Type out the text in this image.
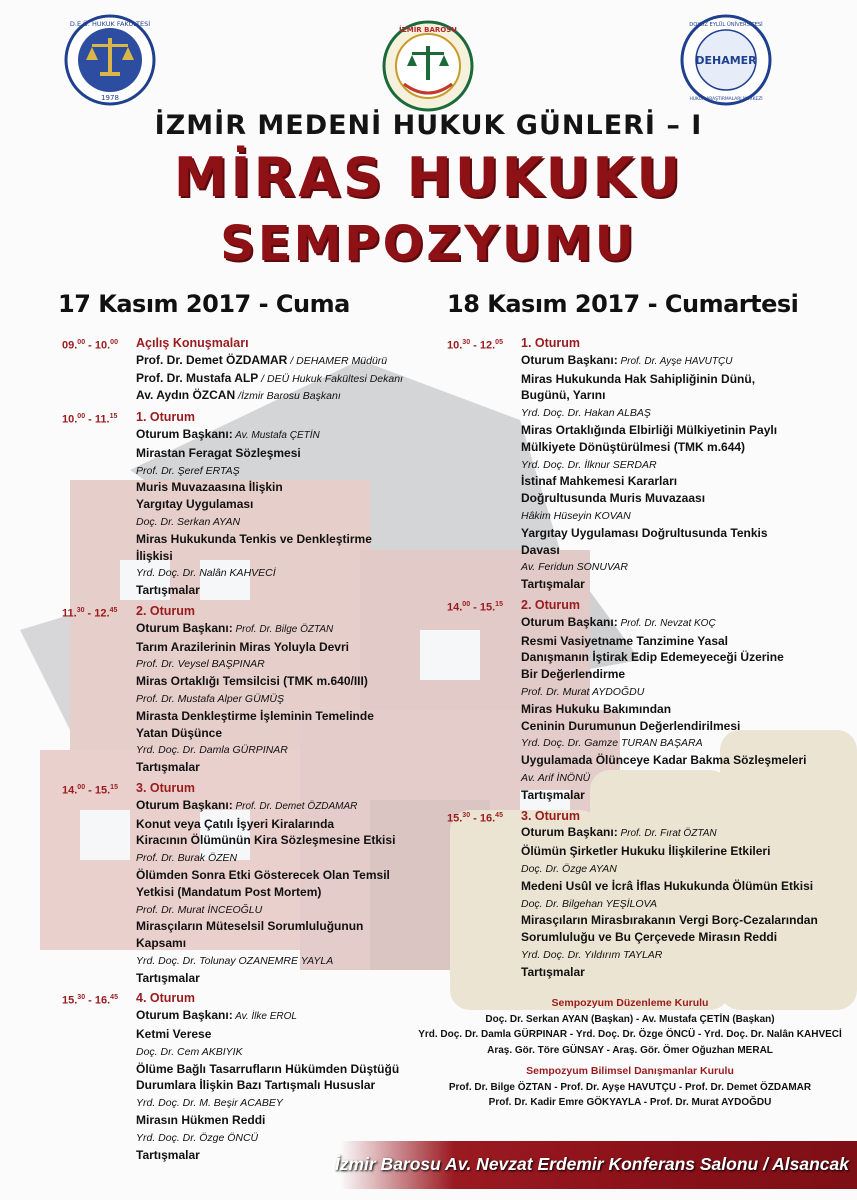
D.E.Ü. HUKUK FAKÜLTESİ
1978
İZMİR BAROSU
DOKUZ EYLÜL ÜNİVERSİTESİ
DEHAMER
HUKUK ARAŞTIRMALARI MERKEZİ
İZMİR MEDENİ HUKUK GÜNLERİ – I
MİRAS HUKUKU
SEMPOZYUMU
17 Kasım 2017 - Cuma	18 Kasım 2017 - Cumartesi
09.00 - 10.00 Açılış Konuşmaları
Prof. Dr. Demet ÖZDAMAR / DEHAMER Müdürü
Prof. Dr. Mustafa ALP / DEÜ Hukuk Fakültesi Dekanı
Av. Aydın ÖZCAN /İzmir Barosu Başkanı
10.00 - 11.15 1. Oturum
Oturum Başkanı: Av. Mustafa ÇETİN
Mirastan Feragat Sözleşmesi
Prof. Dr. Şeref ERTAŞ
Muris Muvazaasına İlişkin
Yargıtay Uygulaması
Doç. Dr. Serkan AYAN
Miras Hukukunda Tenkis ve Denkleştirme
İlişkisi
Yrd. Doç. Dr. Nalân KAHVECİ
Tartışmalar
11.30 - 12.45 2. Oturum
Oturum Başkanı: Prof. Dr. Bilge ÖZTAN
Tarım Arazilerinin Miras Yoluyla Devri
Prof. Dr. Veysel BAŞPINAR
Miras Ortaklığı Temsilcisi (TMK m.640/III)
Prof. Dr. Mustafa Alper GÜMÜŞ
Mirasta Denkleştirme İşleminin Temelinde
Yatan Düşünce
Yrd. Doç. Dr. Damla GÜRPINAR
Tartışmalar
14.00 - 15.15 3. Oturum
Oturum Başkanı: Prof. Dr. Demet ÖZDAMAR
Konut veya Çatılı İşyeri Kiralarında
Kiracının Ölümünün Kira Sözleşmesine Etkisi
Prof. Dr. Burak ÖZEN
Ölümden Sonra Etki Gösterecek Olan Temsil
Yetkisi (Mandatum Post Mortem)
Prof. Dr. Murat İNCEOĞLU
Mirasçıların Müteselsil Sorumluluğunun
Kapsamı
Yrd. Doç. Dr. Tolunay OZANEMRE YAYLA
Tartışmalar
15.30 - 16.45 4. Oturum
Oturum Başkanı: Av. İlke EROL
Ketmi Verese
Doç. Dr. Cem AKBIYIK
Ölüme Bağlı Tasarrufların Hükümden Düştüğü
Durumlara İlişkin Bazı Tartışmalı Hususlar
Yrd. Doç. Dr. M. Beşir ACABEY
Mirasın Hükmen Reddi
Yrd. Doç. Dr. Özge ÖNCÜ
Tartışmalar
10.30 - 12.05 1. Oturum
Oturum Başkanı: Prof. Dr. Ayşe HAVUTÇU
Miras Hukukunda Hak Sahipliğinin Dünü,
Bugünü, Yarını
Yrd. Doç. Dr. Hakan ALBAŞ
Miras Ortaklığında Elbirliği Mülkiyetinin Paylı
Mülkiyete Dönüştürülmesi (TMK m.644)
Yrd. Doç. Dr. İlknur SERDAR
İstinaf Mahkemesi Kararları
Doğrultusunda Muris Muvazaası
Hâkim Hüseyin KOVAN
Yargıtay Uygulaması Doğrultusunda Tenkis
Davası
Av. Feridun SONUVAR
Tartışmalar
14.00 - 15.15 2. Oturum
Oturum Başkanı: Prof. Dr. Nevzat KOÇ
Resmi Vasiyetname Tanzimine Yasal
Danışmanın İştirak Edip Edemeyeceği Üzerine
Bir Değerlendirme
Prof. Dr. Murat AYDOĞDU
Miras Hukuku Bakımından
Ceninin Durumunun Değerlendirilmesi
Yrd. Doç. Dr. Gamze TURAN BAŞARA
Uygulamada Ölünceye Kadar Bakma Sözleşmeleri
Av. Arif İNÖNÜ
Tartışmalar
15.30 - 16.45 3. Oturum
Oturum Başkanı: Prof. Dr. Fırat ÖZTAN
Ölümün Şirketler Hukuku İlişkilerine Etkileri
Doç. Dr. Özge AYAN
Medeni Usûl ve İcrâ İflas Hukukunda Ölümün Etkisi
Doç. Dr. Bilgehan YEŞİLOVA
Mirasçıların Mirasbırakanın Vergi Borç-Cezalarından
Sorumluluğu ve Bu Çerçevede Mirasın Reddi
Yrd. Doç. Dr. Yıldırım TAYLAR
Tartışmalar
Sempozyum Düzenleme Kurulu
Doç. Dr. Serkan AYAN (Başkan) - Av. Mustafa ÇETİN (Başkan)
Yrd. Doç. Dr. Damla GÜRPINAR - Yrd. Doç. Dr. Özge ÖNCÜ - Yrd. Doç. Dr. Nalân KAHVECİ
Araş. Gör. Töre GÜNSAY - Araş. Gör. Ömer Oğuzhan MERAL
Sempozyum Bilimsel Danışmanlar Kurulu
Prof. Dr. Bilge ÖZTAN - Prof. Dr. Ayşe HAVUTÇU - Prof. Dr. Demet ÖZDAMAR
Prof. Dr. Kadir Emre GÖKYAYLA - Prof. Dr. Murat AYDOĞDU
İzmir Barosu Av. Nevzat Erdemir Konferans Salonu / Alsancak
